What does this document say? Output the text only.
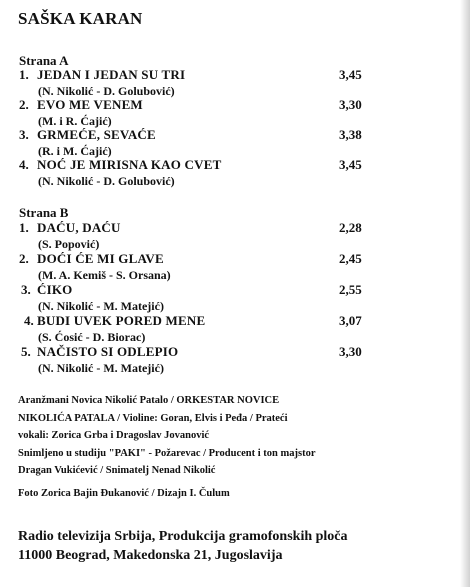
SAŠKA KARAN
Strana A
1. JEDAN I JEDAN SU TRI	3,45
(N. Nikolić - D. Golubović)
2. EVO ME VENEM	3,30
(M. i R. Ćajić)
3. GRMEĆE, SEVAĆE	3,38
(R. i M. Ćajić)
4. NOĆ JE MIRISNA KAO CVET	3,45
(N. Nikolić - D. Golubović)
Strana B
1. DAĆU, DAĆU	2,28
(S. Popović)
2. DOĆI ĆE MI GLAVE	2,45
(M. A. Kemiš - S. Orsana)
3. ĆIKO	2,55
(N. Nikolić - M. Matejić)
4. BUDI UVEK PORED MENE	3,07
(S. Ćosić - D. Biorac)
5. NAČISTO SI ODLEPIO	3,30
(N. Nikolić - M. Matejić)
Aranžmani Novica Nikolić Patalo / ORKESTAR NOVICE
NIKOLIĆA PATALA / Violine: Goran, Elvis i Peđa / Prateći
vokali: Zorica Grba i Dragoslav Jovanović
Snimljeno u studiju "PAKI" - Požarevac / Producent i ton majstor
Dragan Vukićević / Snimatelj Nenad Nikolić
Foto Zorica Bajin Đukanović / Dizajn I. Čulum
Radio televizija Srbija, Produkcija gramofonskih ploča
11000 Beograd, Makedonska 21, Jugoslavija
